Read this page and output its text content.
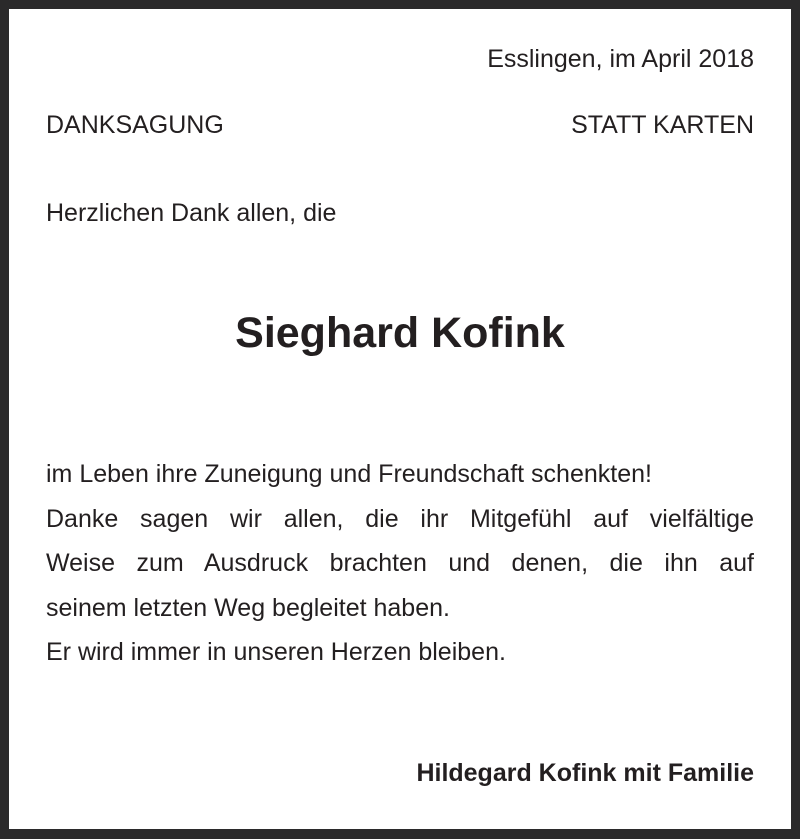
Esslingen, im April 2018
DANKSAGUNG	STATT KARTEN
Herzlichen Dank allen, die
Sieghard Kofink
im Leben ihre Zuneigung und Freundschaft schenkten!
Danke sagen wir allen, die ihr Mitgefühl auf vielfältige
Weise zum Ausdruck brachten und denen, die ihn auf
seinem letzten Weg begleitet haben.
Er wird immer in unseren Herzen bleiben.
Hildegard Kofink mit Familie
